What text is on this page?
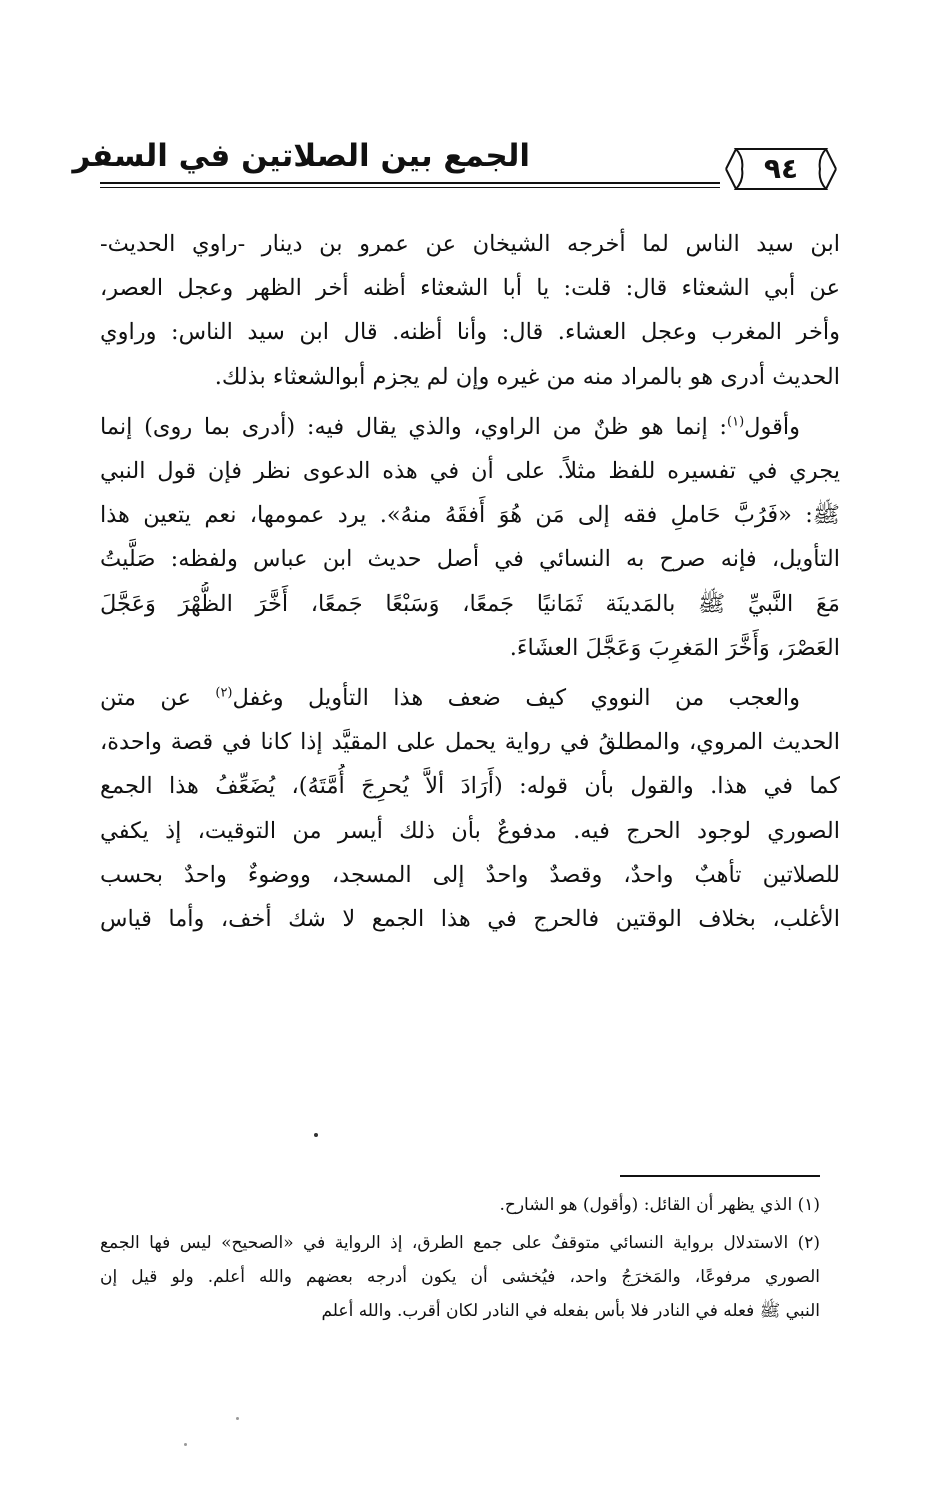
الجمع بين الصلاتين في السفر	٩٤

ابن سيد الناس لما أخرجه الشيخان عن عمرو بن دينار -راوي الحديث-
عن أبي الشعثاء قال: قلت: يا أبا الشعثاء أظنه أخر الظهر وعجل العصر،
وأخر المغرب وعجل العشاء. قال: وأنا أظنه. قال ابن سيد الناس: وراوي
الحديث أدرى هو بالمراد منه من غيره وإن لم يجزم أبوالشعثاء بذلك.

وأقول$^{(١)}$: إنما هو ظنٌ من الراوي، والذي يقال فيه: (أدرى بما روى) إنما
يجري في تفسيره للفظ مثلاً. على أن في هذه الدعوى نظر فإن قول النبي
ﷺ: «فَرُبَّ حَاملِ فقه إلى مَن هُوَ أَفقَهُ منهُ». يرد عمومها، نعم يتعين هذا
التأويل، فإنه صرح به النسائي في أصل حديث ابن عباس ولفظه: صَلَّيتُ
مَعَ النَّبيِّ ﷺ بالمَدينَة ثَمَانيًا جَمعًا، وَسَبْعًا جَمعًا، أَخَّرَ الظُّهْرَ وَعَجَّلَ
العَصْرَ، وَأَخَّرَ المَغرِبَ وَعَجَّلَ العشَاءَ.

والعجب من النووي كيف ضعف هذا التأويل وغفل$^{(٢)}$ عن متن
الحديث المروي، والمطلقُ في رواية يحمل على المقيَّد إذا كانا في قصة واحدة،
كما في هذا. والقول بأن قوله: (أَرَادَ ألاَّ يُحرِجَ أُمَّتَهُ)، يُضَعِّفُ هذا الجمع
الصوري لوجود الحرج فيه. مدفوعٌ بأن ذلك أيسر من التوقيت، إذ يكفي
للصلاتين تأهبٌ واحدٌ، وقصدٌ واحدٌ إلى المسجد، ووضوءٌ واحدٌ بحسب
الأغلب، بخلاف الوقتين فالحرج في هذا الجمع لا شك أخف، وأما قياس

(١) الذي يظهر أن القائل: (وأقول) هو الشارح.
(٢) الاستدلال برواية النسائي متوقفٌ على جمع الطرق، إذ الرواية في «الصحيح» ليس فها الجمع
الصوري مرفوعًا، والمَخرَجُ واحد، فيُخشى أن يكون أدرجه بعضهم والله أعلم. ولو قيل إن
النبي ﷺ فعله في النادر فلا بأس بفعله في النادر لكان أقرب. والله أعلم
